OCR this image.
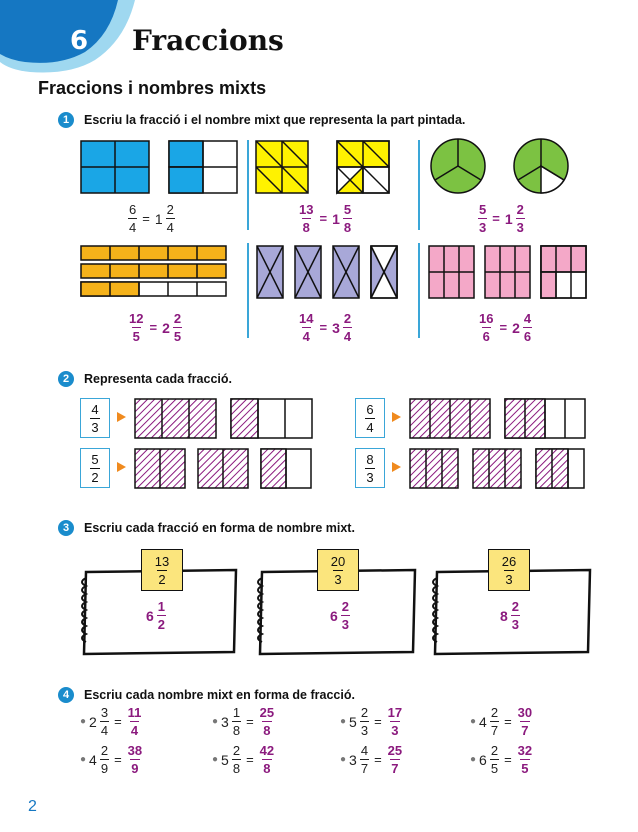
6 Fraccions
Fraccions i nombres mixts
1	Escriu la fracció i el nombre mixt que representa la part pintada.
$\frac{6}{4} = 1 \frac{2}{4}$	$\frac{13}{8} = 1 \frac{5}{8}$	$\frac{5}{3} = 1 \frac{2}{3}$
$\frac{12}{5} = 2 \frac{2}{5}$	$\frac{14}{4} = 3 \frac{2}{4}$	$\frac{16}{6} = 2 \frac{4}{6}$
2	Representa cada fracció.
$\frac{4}{3}$	$\frac{6}{4}$
$\frac{5}{2}$	$\frac{8}{3}$
3	Escriu cada fracció en forma de nombre mixt.
$\frac{13}{2}$	$\frac{20}{3}$	$\frac{26}{3}$
$6 \frac{1}{2}$	$6 \frac{2}{3}$	$8 \frac{2}{3}$
4	Escriu cada nombre mixt en forma de fracció.
● $2 \frac{3}{4} = \frac{11}{4}$	● $3 \frac{1}{8} = \frac{25}{8}$	● $5 \frac{2}{3} = \frac{17}{3}$	● $4 \frac{2}{7} = \frac{30}{7}$
● $4 \frac{2}{9} = \frac{38}{9}$	● $5 \frac{2}{8} = \frac{42}{8}$	● $3 \frac{4}{7} = \frac{25}{7}$	● $6 \frac{2}{5} = \frac{32}{5}$
2
